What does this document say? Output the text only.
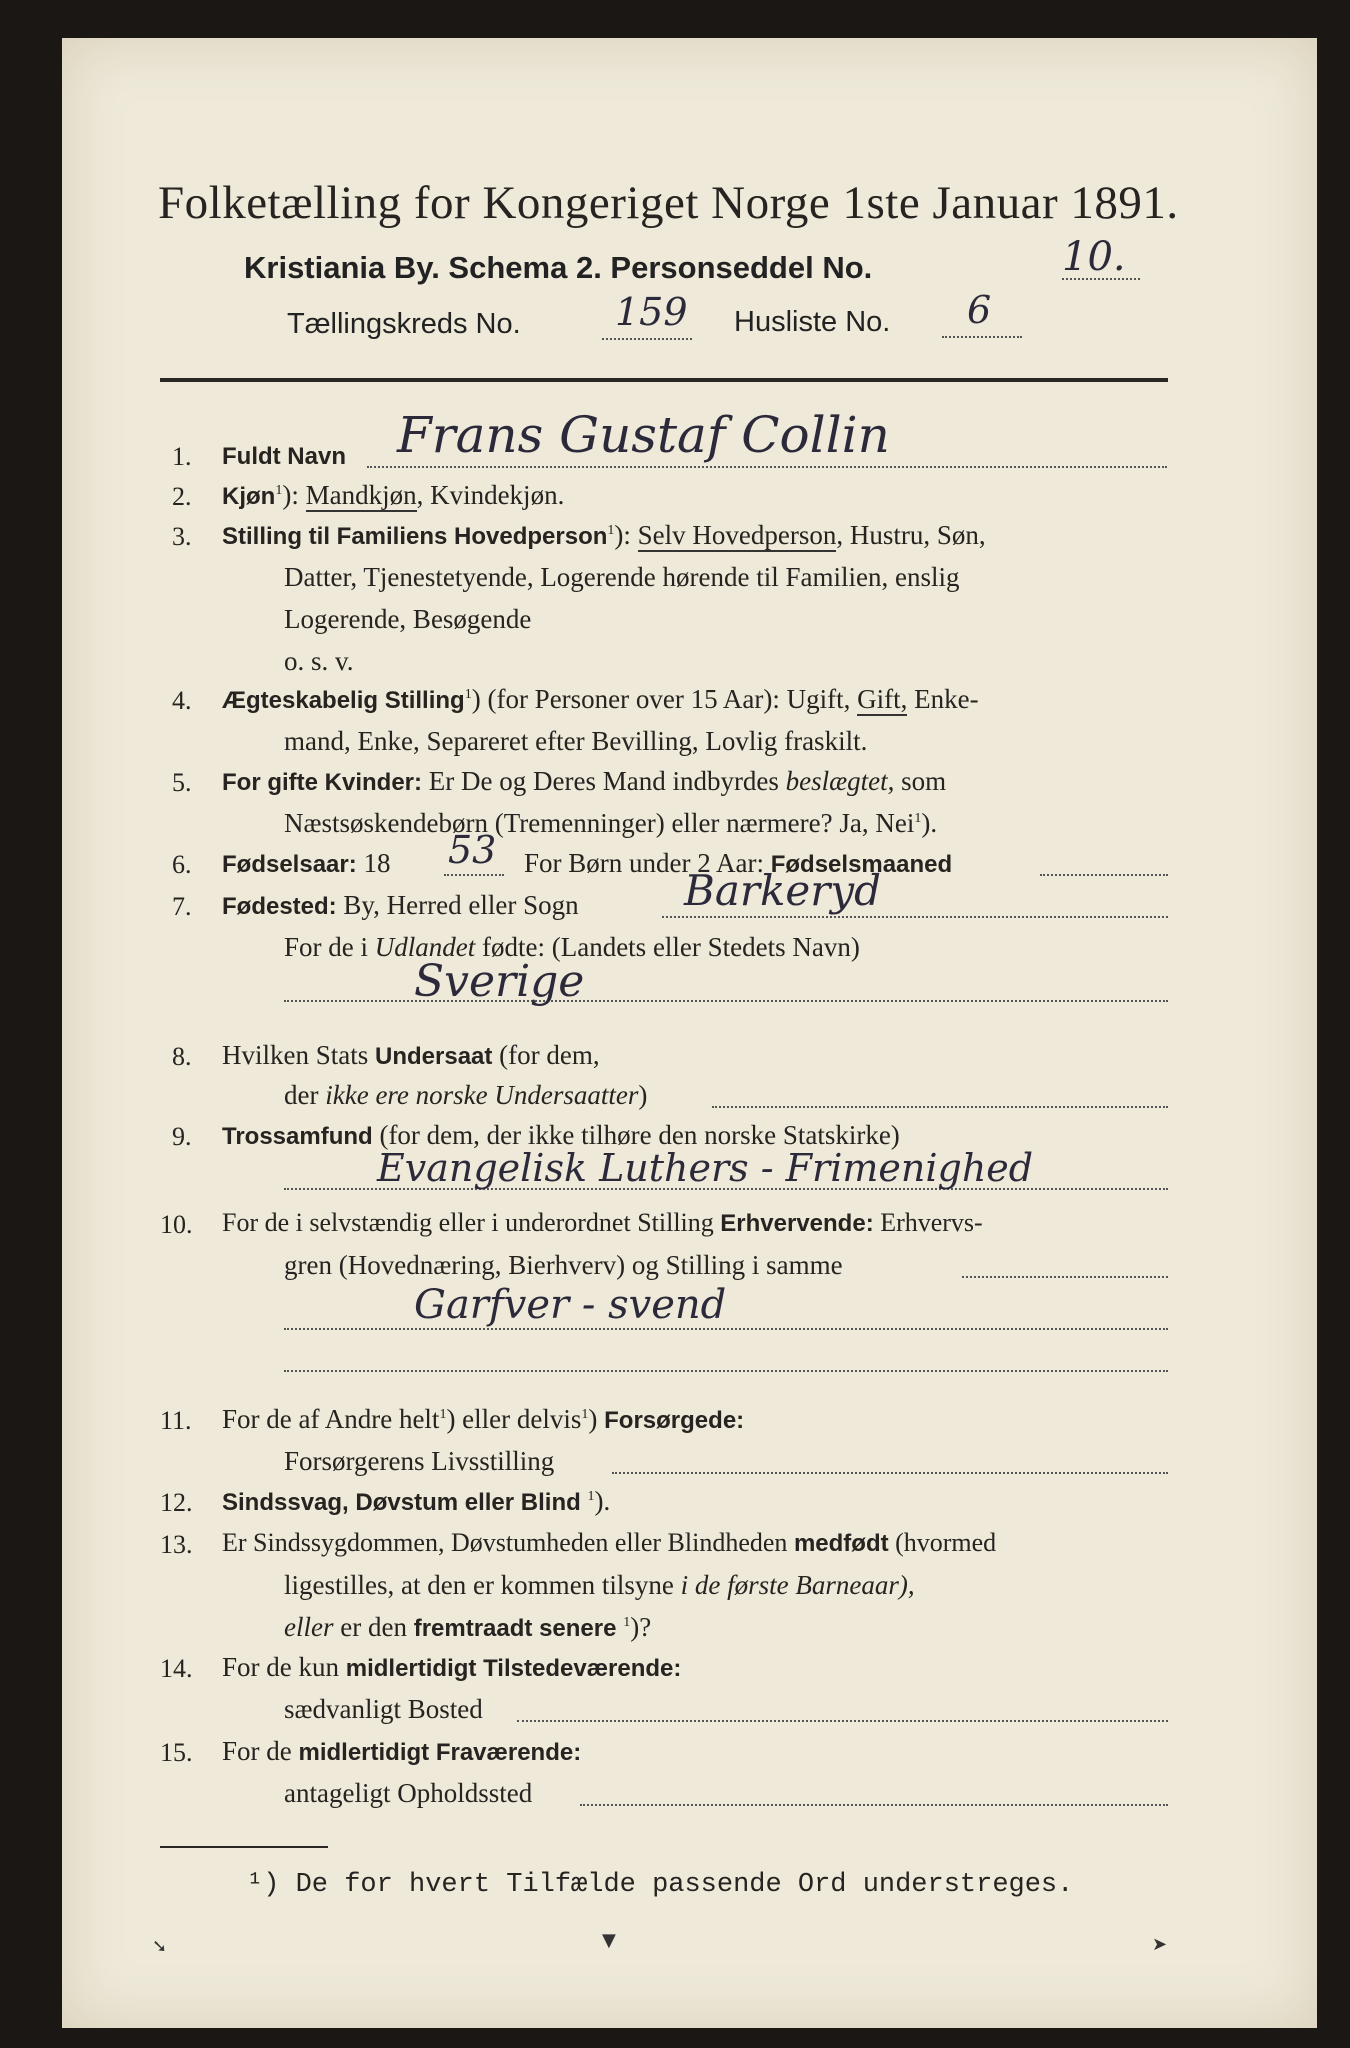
Folketælling for Kongeriget Norge 1ste Januar 1891.
Kristiania By. Schema 2. Personseddel No.	10.
Tællingskreds No. 159 Husliste No. 6
1. Fuldt Navn Frans Gustaf Collin
2. Kjøn$^1$): Mandkjøn, Kvindekjøn.
3. Stilling til Familiens Hovedperson$^1$): Selv Hovedperson, Hustru, Søn,
Datter, Tjenestetyende, Logerende hørende til Familien, enslig
Logerende, Besøgende
o. s. v.
4. Ægteskabelig Stilling$^1$) (for Personer over 15 Aar): Ugift, Gift, Enke-
mand, Enke, Separeret efter Bevilling, Lovlig fraskilt.
5. For gifte Kvinder: Er De og Deres Mand indbyrdes beslægtet, som
Næstsøskendebørn (Tremenninger) eller nærmere? Ja, Nei$^1$).
6. Fødselsaar: 18 53 For Børn under 2 Aar: Fødselsmaaned
7. Fødested: By, Herred eller Sogn	Barkeryd
For de i Udlandet fødte: (Landets eller Stedets Navn)
Sverige
8. Hvilken Stats Undersaat (for dem,
der ikke ere norske Undersaatter)
9. Trossamfund (for dem, der ikke tilhøre den norske Statskirke)
Evangelisk Luthers - Frimenighed
10. For de i selvstændig eller i underordnet Stilling Erhvervende: Erhvervs-
gren (Hovednæring, Bierhverv) og Stilling i samme
Garfver - svend
11. For de af Andre helt$^1$) eller delvis$^1$) Forsørgede:
Forsørgerens Livsstilling
12. Sindssvag, Døvstum eller Blind $^1$).
13. Er Sindssygdommen, Døvstumheden eller Blindheden medfødt (hvormed
ligestilles, at den er kommen tilsyne i de første Barneaar),
eller er den fremtraadt senere $^1$)?
14. For de kun midlertidigt Tilstedeværende:
sædvanligt Bosted
15. For de midlertidigt Fraværende:
antageligt Opholdssted
¹) De for hvert Tilfælde passende Ord understreges.
➘	▼	➤
